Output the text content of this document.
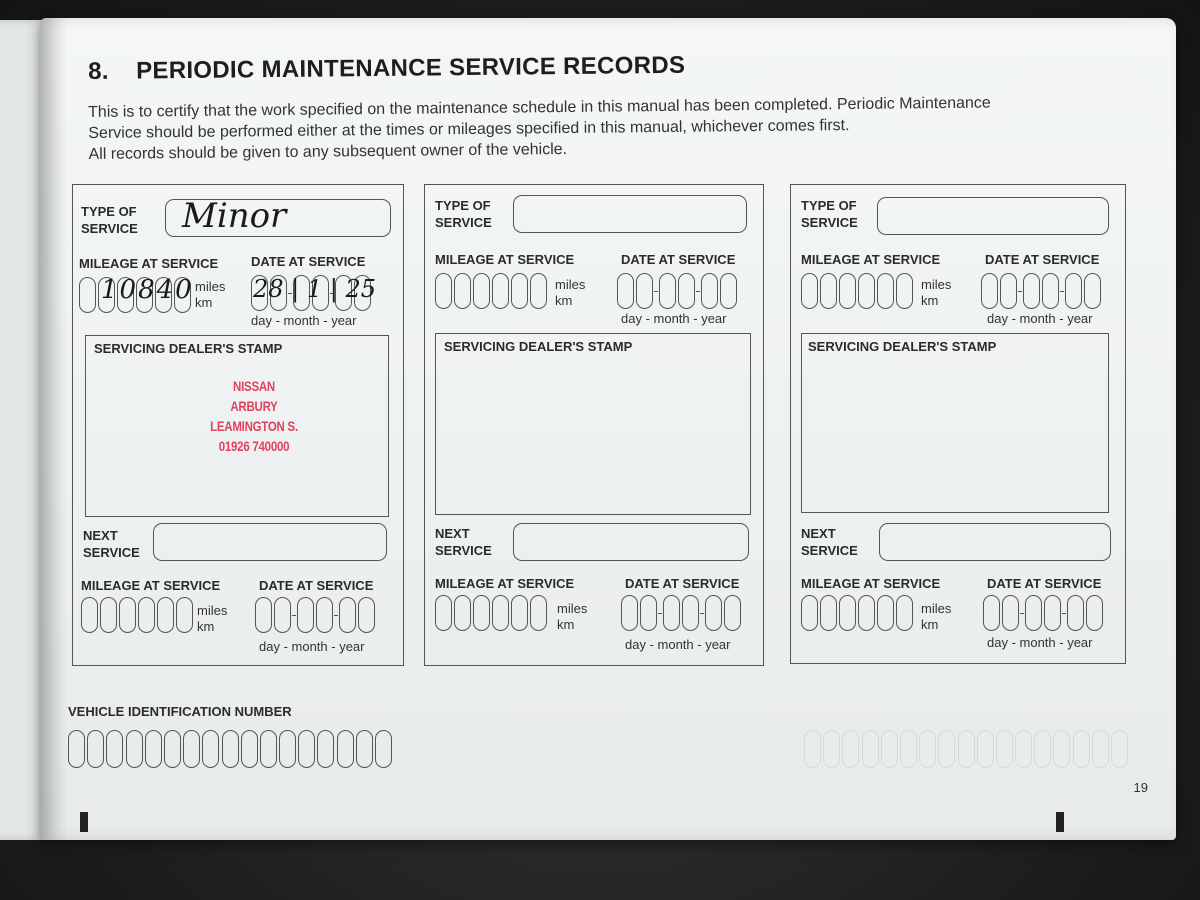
8. PERIODIC MAINTENANCE SERVICE RECORDS

This is to certify that the work specified on the maintenance schedule in this manual has been completed. Periodic Maintenance

Service should be performed either at the times or mileages specified in this manual, whichever comes first.

All records should be given to any subsequent owner of the vehicle.

TYPE OF
SERVICE Minor
MILEAGE AT SERVICE	DATE AT SERVICE
10840 miles
km	28 | 1 | 25
day - month - year
SERVICING DEALER'S STAMP
NISSAN
ARBURY
LEAMINGTON S.
01926 740000
NEXT
SERVICE
MILEAGE AT SERVICE	DATE AT SERVICE
miles
km
day - month - year
TYPE OF
SERVICE
MILEAGE AT SERVICE	DATE AT SERVICE
miles
km
day - month - year
SERVICING DEALER'S STAMP
NEXT
SERVICE
MILEAGE AT SERVICE	DATE AT SERVICE
miles
km
day - month - year
TYPE OF
SERVICE
MILEAGE AT SERVICE	DATE AT SERVICE
miles
km
day - month - year
SERVICING DEALER'S STAMP
NEXT
SERVICE
MILEAGE AT SERVICE	DATE AT SERVICE
miles
km
day - month - year
VEHICLE IDENTIFICATION NUMBER
19
